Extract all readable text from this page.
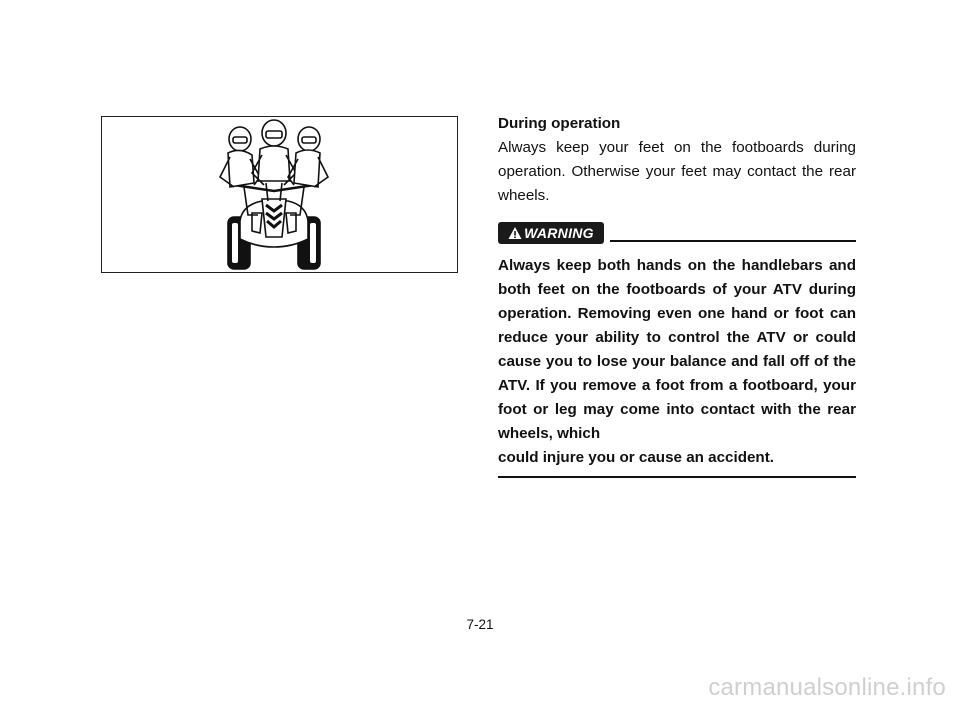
During operation

Always keep your feet on the footboards during operation. Otherwise your feet may contact the rear wheels.

WARNING

Always keep both hands on the handlebars and both feet on the footboards of your ATV during operation. Removing even one hand or foot can reduce your ability to control the ATV or could cause you to lose your balance and fall off of the ATV. If you remove a foot from a footboard, your foot or leg may come into contact with the rear wheels, which
could injure you or cause an accident.

7-21
carmanualsonline.info
